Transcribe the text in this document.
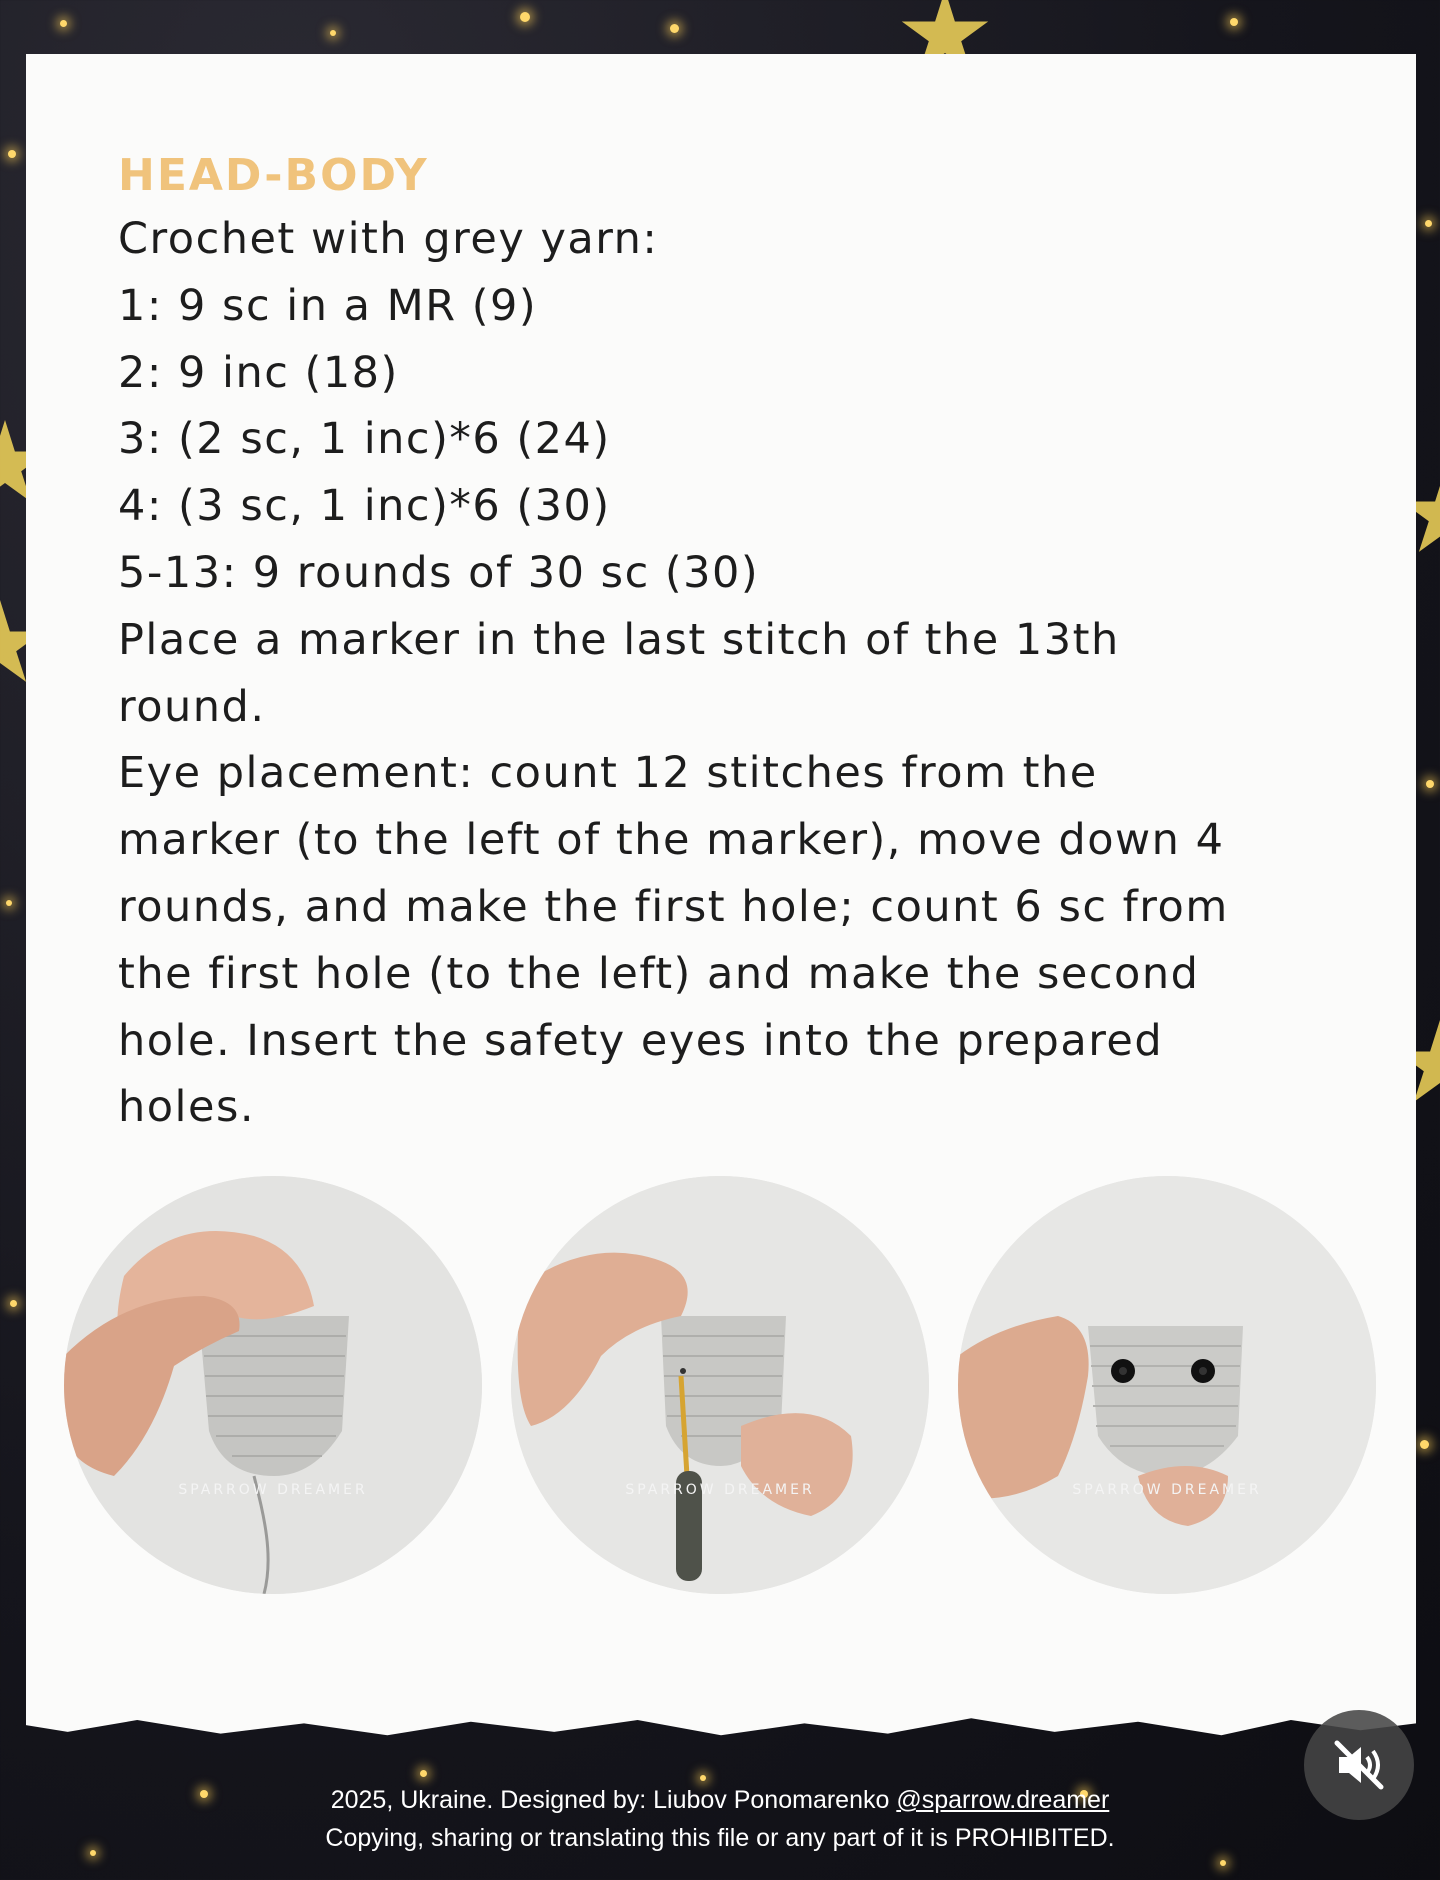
HEAD-BODY
Crochet with grey yarn:
1: 9 sc in a MR (9)
2: 9 inc (18)
3: (2 sc, 1 inc)*6 (24)
4: (3 sc, 1 inc)*6 (30)
5-13: 9 rounds of 30 sc (30)
Place a marker in the last stitch of the 13th
round.
Eye placement: count 12 stitches from the
marker (to the left of the marker), move down 4
rounds, and make the first hole; count 6 sc from
the first hole (to the left) and make the second
hole. Insert the safety eyes into the prepared
holes.
SPARROW DREAMER	SPARROW DREAMER	SPARROW DREAMER
2025, Ukraine. Designed by: Liubov Ponomarenko @sparrow.dreamer
Copying, sharing or translating this file or any part of it is PROHIBITED.
